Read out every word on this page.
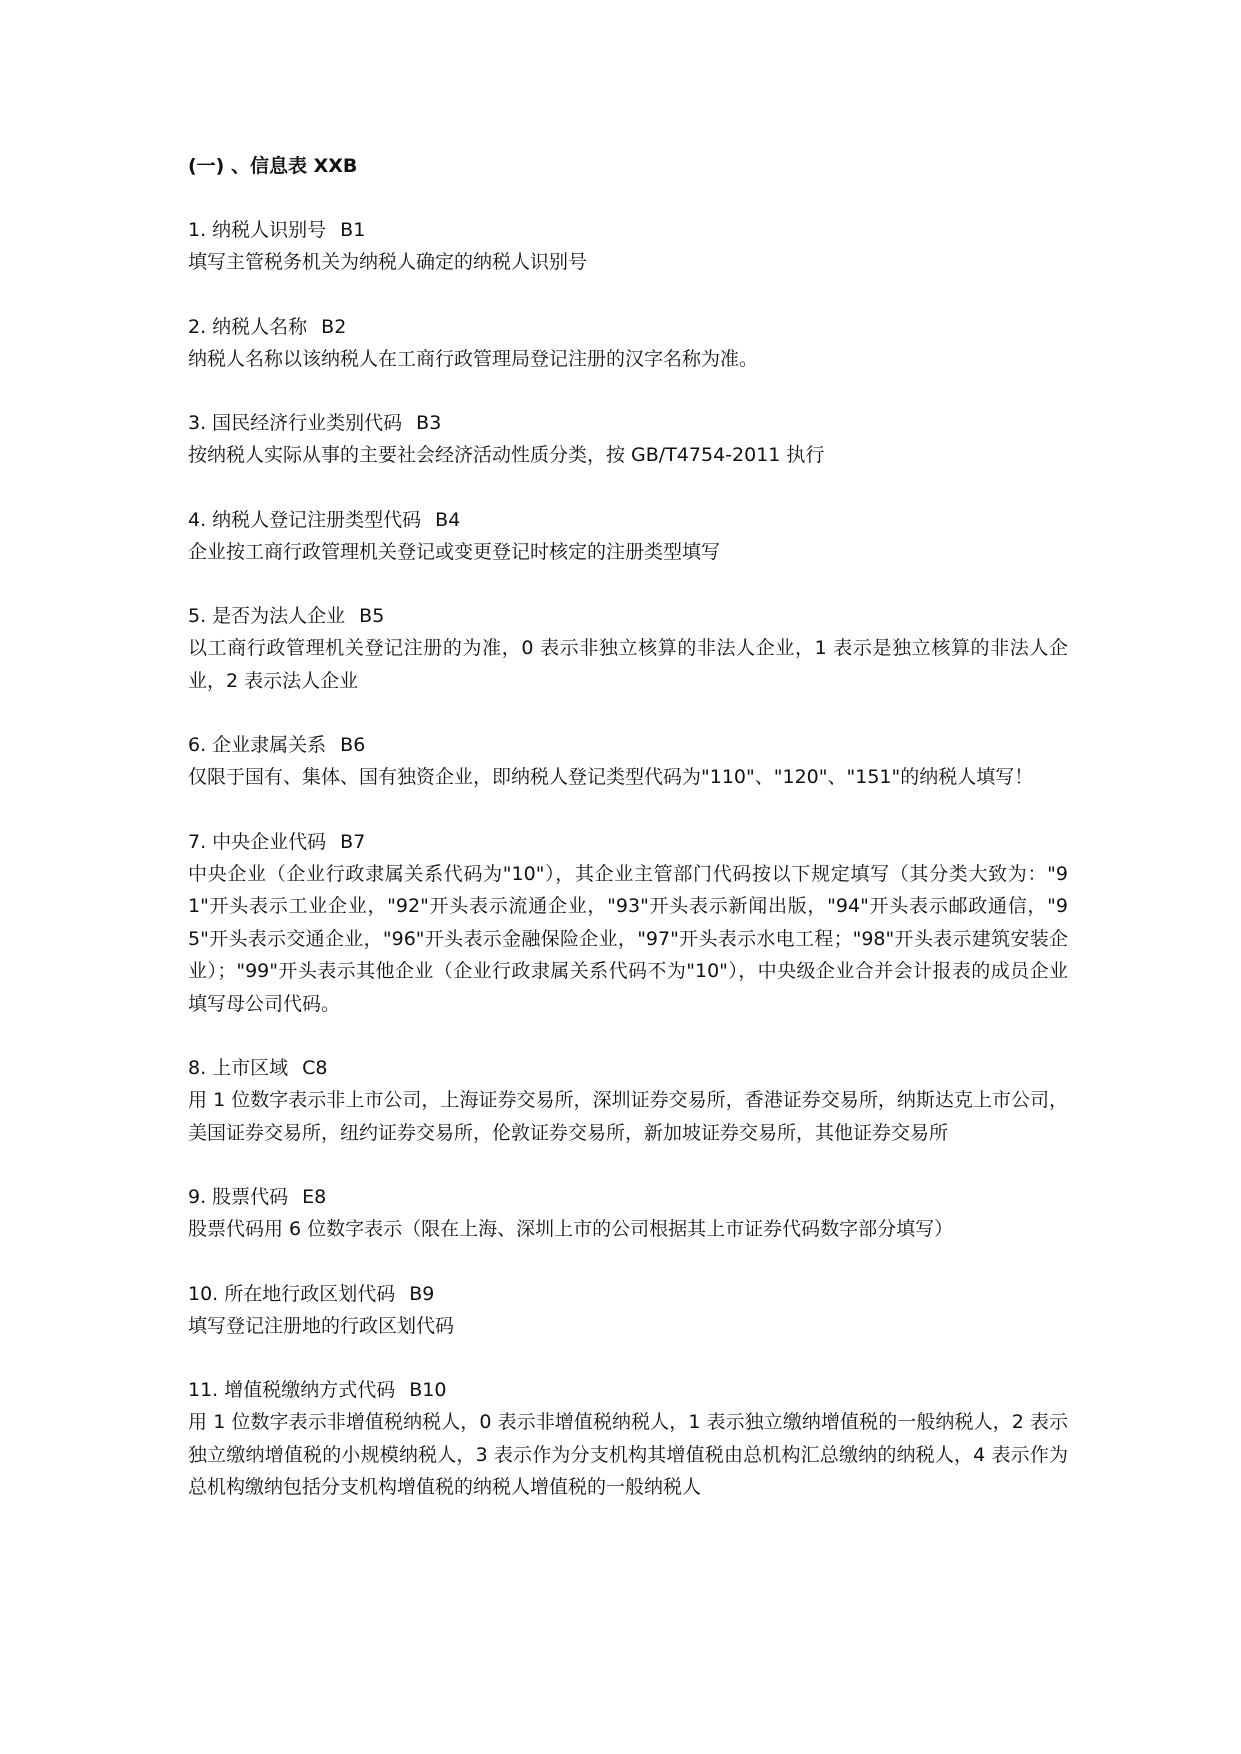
(一) 、信息表 XXB
1. 纳税人识别号 B1
填写主管税务机关为纳税人确定的纳税人识别号
2. 纳税人名称 B2
纳税人名称以该纳税人在工商行政管理局登记注册的汉字名称为准。
3. 国民经济行业类别代码 B3
按纳税人实际从事的主要社会经济活动性质分类，按 GB/T4754-2011 执行
4. 纳税人登记注册类型代码 B4
企业按工商行政管理机关登记或变更登记时核定的注册类型填写
5. 是否为法人企业 B5
以工商行政管理机关登记注册的为准，0 表示非独立核算的非法人企业，1 表示是独立核算的非法人企业，2 表示法人企业
6. 企业隶属关系 B6
仅限于国有、集体、国有独资企业，即纳税人登记类型代码为"110"、"120"、"151"的纳税人填写！
7. 中央企业代码 B7
中央企业（企业行政隶属关系代码为"10"），其企业主管部门代码按以下规定填写（其分类大致为："91"开头表示工业企业，"92"开头表示流通企业，"93"开头表示新闻出版，"94"开头表示邮政通信，"95"开头表示交通企业，"96"开头表示金融保险企业，"97"开头表示水电工程；"98"开头表示建筑安装企业）；"99"开头表示其他企业（企业行政隶属关系代码不为"10"），中央级企业合并会计报表的成员企业填写母公司代码。
8. 上市区域 C8
用 1 位数字表示非上市公司，上海证券交易所，深圳证券交易所，香港证券交易所，纳斯达克上市公司，美国证券交易所，纽约证券交易所，伦敦证券交易所，新加坡证券交易所，其他证券交易所
9. 股票代码 E8
股票代码用 6 位数字表示（限在上海、深圳上市的公司根据其上市证券代码数字部分填写）
10. 所在地行政区划代码 B9
填写登记注册地的行政区划代码
11. 增值税缴纳方式代码 B10
用 1 位数字表示非增值税纳税人，0 表示非增值税纳税人，1 表示独立缴纳增值税的一般纳税人，2 表示独立缴纳增值税的小规模纳税人，3 表示作为分支机构其增值税由总机构汇总缴纳的纳税人，4 表示作为总机构缴纳包括分支机构增值税的纳税人增值税的一般纳税人
